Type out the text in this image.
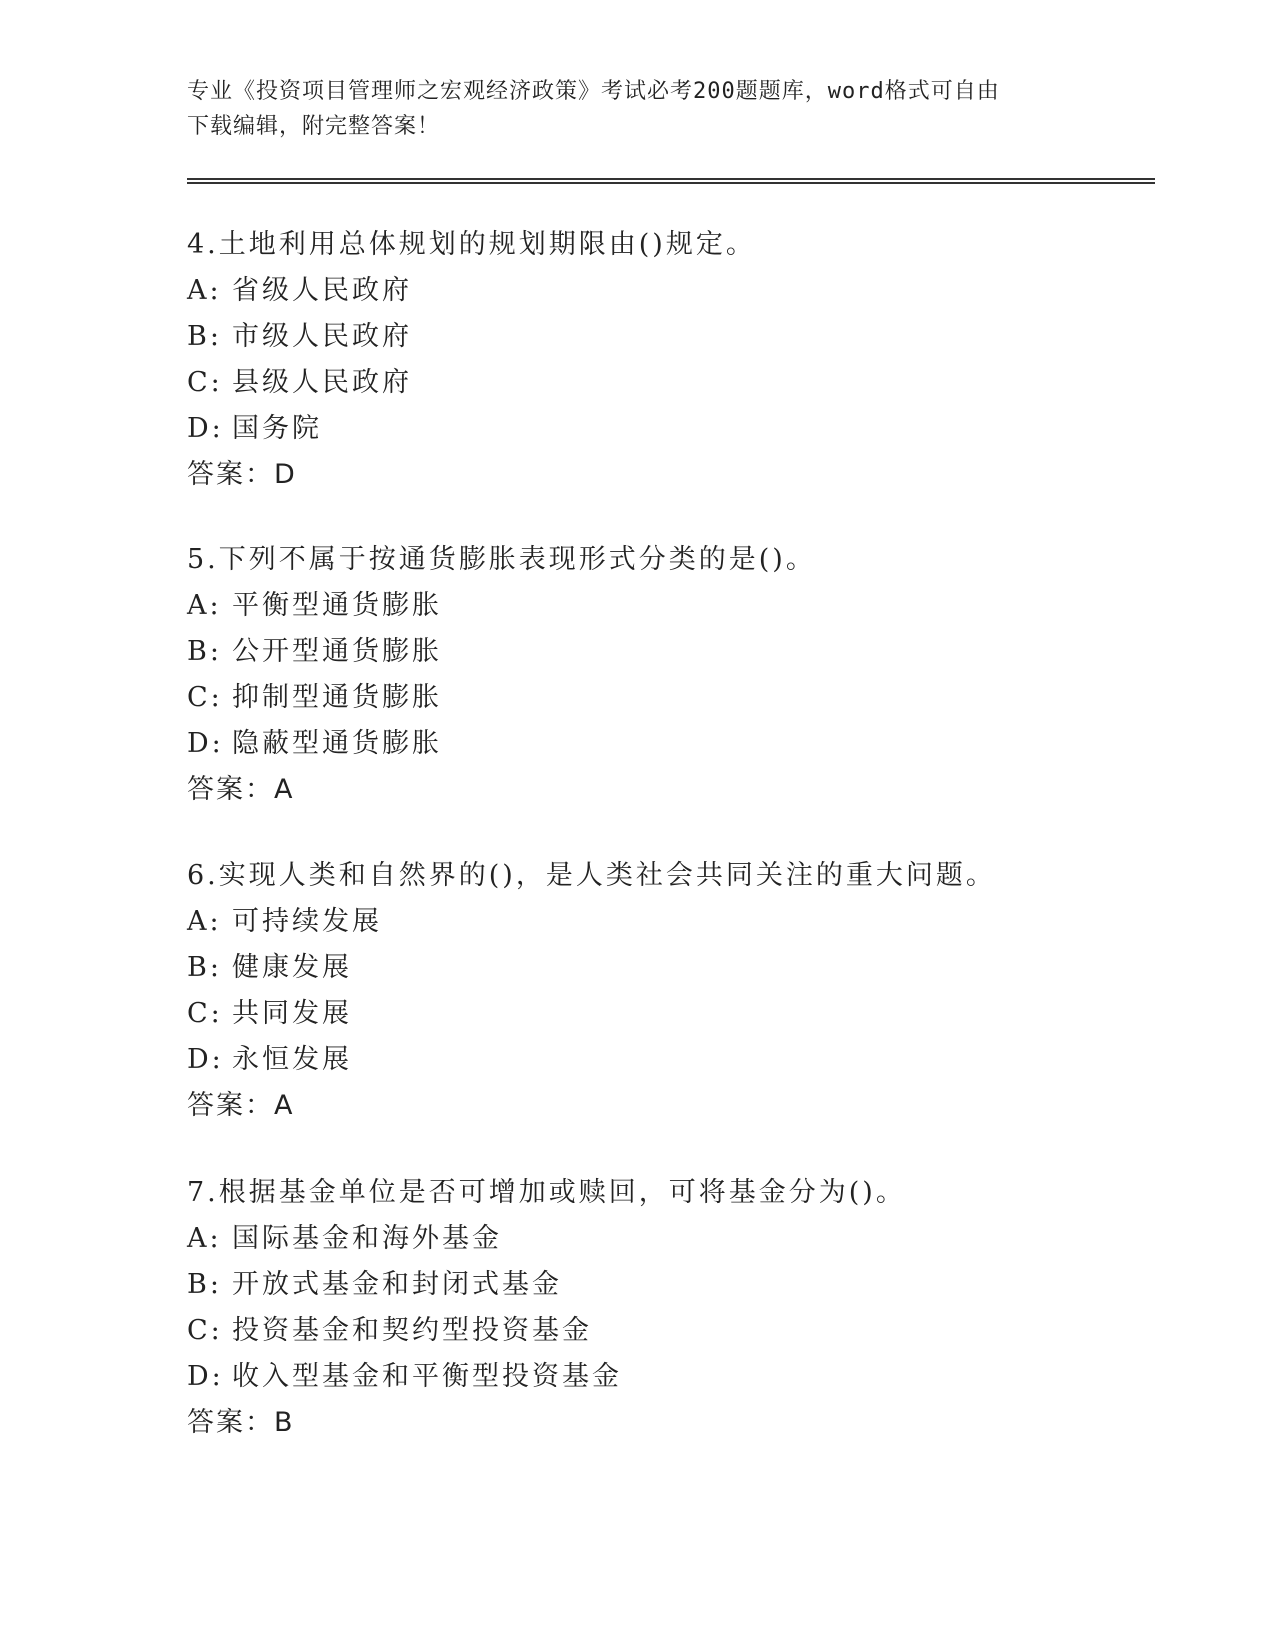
专业《投资项目管理师之宏观经济政策》考试必考200题题库，word格式可自由
下载编辑，附完整答案！
4.土地利用总体规划的规划期限由()规定。
A: 省级人民政府
B: 市级人民政府
C: 县级人民政府
D: 国务院
答案：D
5.下列不属于按通货膨胀表现形式分类的是()。
A: 平衡型通货膨胀
B: 公开型通货膨胀
C: 抑制型通货膨胀
D: 隐蔽型通货膨胀
答案：A
6.实现人类和自然界的()，是人类社会共同关注的重大问题。
A: 可持续发展
B: 健康发展
C: 共同发展
D: 永恒发展
答案：A
7.根据基金单位是否可增加或赎回，可将基金分为()。
A: 国际基金和海外基金
B: 开放式基金和封闭式基金
C: 投资基金和契约型投资基金
D: 收入型基金和平衡型投资基金
答案：B
